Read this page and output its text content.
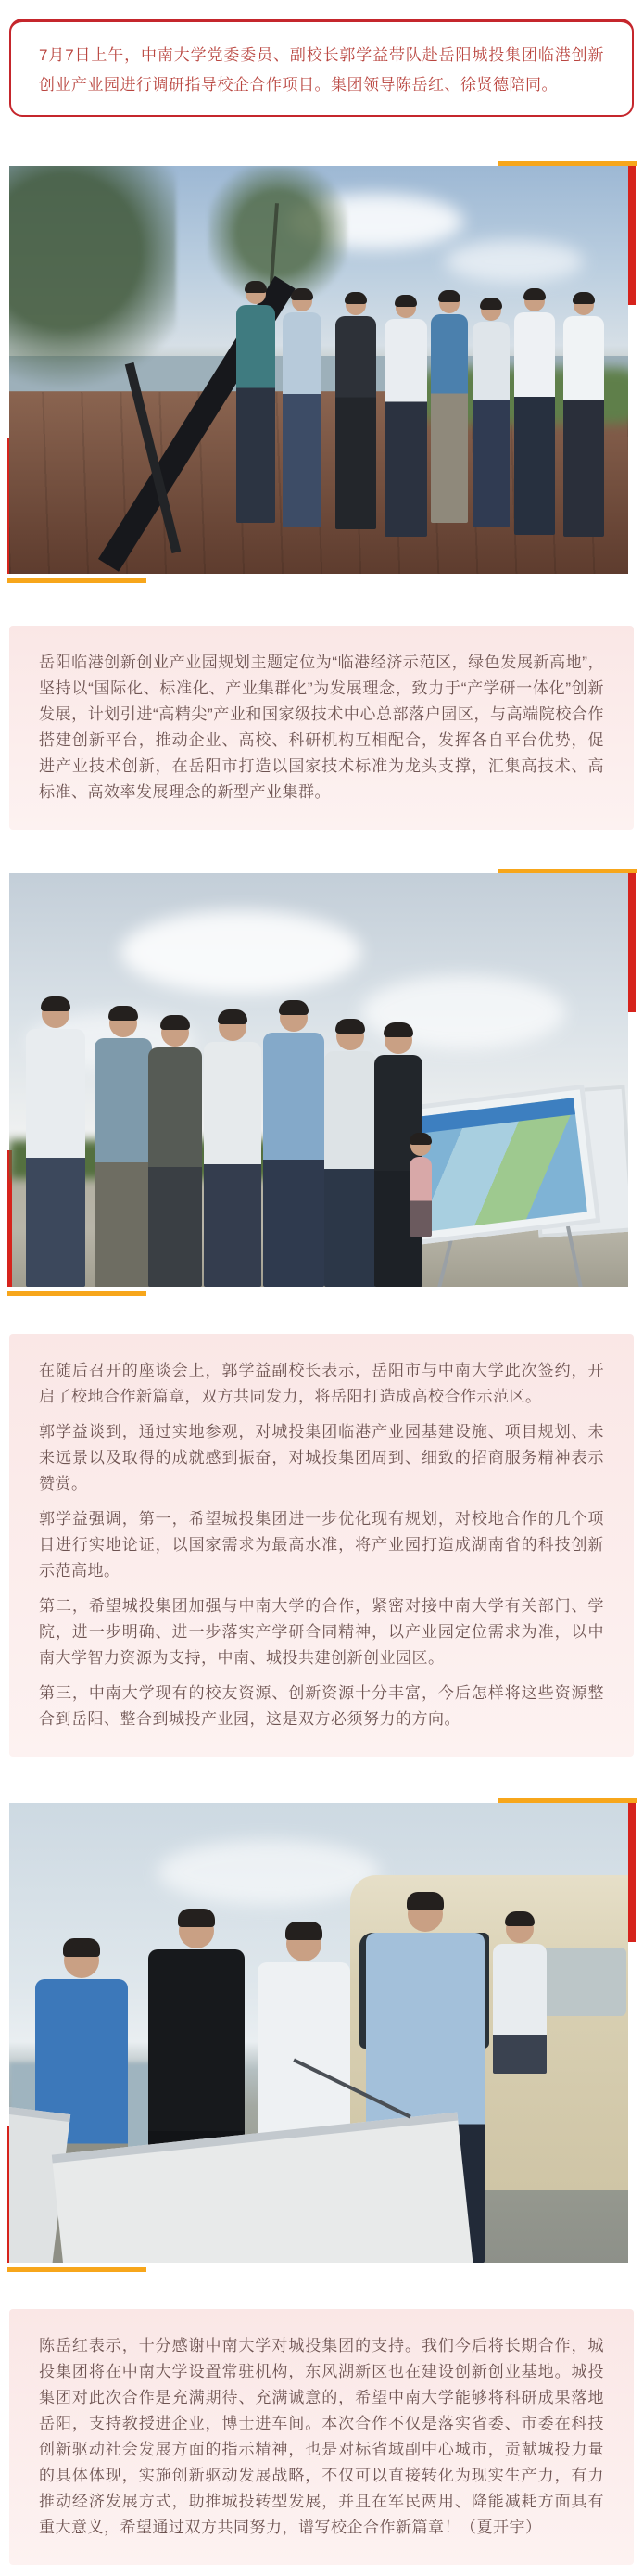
7月7日上午，中南大学党委委员、副校长郭学益带队赴岳阳城投集团临港创新创业产业园进行调研指导校企合作项目。集团领导陈岳红、徐贤德陪同。

岳阳临港创新创业产业园规划主题定位为“临港经济示范区，绿色发展新高地”，坚持以“国际化、标准化、产业集群化”为发展理念，致力于“产学研一体化”创新发展，计划引进“高精尖”产业和国家级技术中心总部落户园区，与高端院校合作搭建创新平台，推动企业、高校、科研机构互相配合，发挥各自平台优势，促进产业技术创新，在岳阳市打造以国家技术标准为龙头支撑，汇集高技术、高标准、高效率发展理念的新型产业集群。

在随后召开的座谈会上，郭学益副校长表示，岳阳市与中南大学此次签约，开启了校地合作新篇章，双方共同发力，将岳阳打造成高校合作示范区。

郭学益谈到，通过实地参观，对城投集团临港产业园基建设施、项目规划、未来远景以及取得的成就感到振奋，对城投集团周到、细致的招商服务精神表示赞赏。

郭学益强调，第一，希望城投集团进一步优化现有规划，对校地合作的几个项目进行实地论证，以国家需求为最高水准，将产业园打造成湖南省的科技创新示范高地。

第二，希望城投集团加强与中南大学的合作，紧密对接中南大学有关部门、学院，进一步明确、进一步落实产学研合同精神，以产业园定位需求为准，以中南大学智力资源为支持，中南、城投共建创新创业园区。

第三，中南大学现有的校友资源、创新资源十分丰富，今后怎样将这些资源整合到岳阳、整合到城投产业园，这是双方必须努力的方向。

陈岳红表示，十分感谢中南大学对城投集团的支持。我们今后将长期合作，城投集团将在中南大学设置常驻机构，东风湖新区也在建设创新创业基地。城投集团对此次合作是充满期待、充满诚意的，希望中南大学能够将科研成果落地岳阳，支持教授进企业，博士进车间。本次合作不仅是落实省委、市委在科技创新驱动社会发展方面的指示精神，也是对标省域副中心城市，贡献城投力量的具体体现，实施创新驱动发展战略，不仅可以直接转化为现实生产力，有力推动经济发展方式，助推城投转型发展，并且在军民两用、降能减耗方面具有重大意义，希望通过双方共同努力，谱写校企合作新篇章！（夏开宇）
